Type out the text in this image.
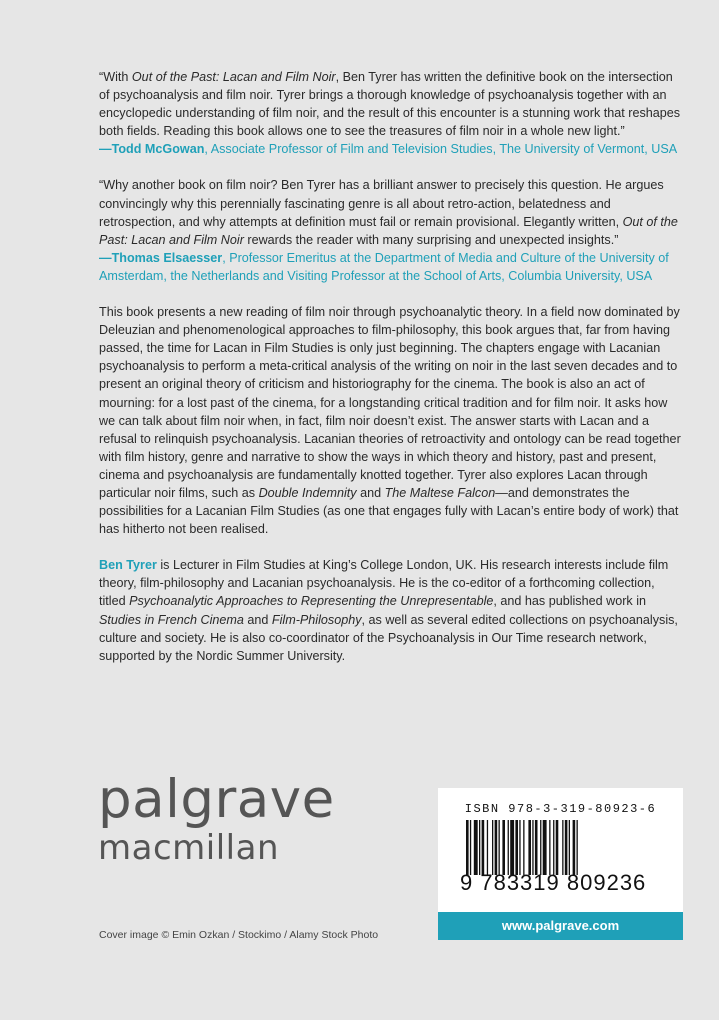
“With Out of the Past: Lacan and Film Noir, Ben Tyrer has written the definitive book on the intersection of psychoanalysis and film noir. Tyrer brings a thorough knowledge of psychoanalysis together with an encyclopedic understanding of film noir, and the result of this encounter is a stunning work that reshapes both fields. Reading this book allows one to see the treasures of film noir in a whole new light.”
—Todd McGowan, Associate Professor of Film and Television Studies, The University of Vermont, USA

“Why another book on film noir? Ben Tyrer has a brilliant answer to precisely this question. He argues convincingly why this perennially fascinating genre is all about retro-action, belatedness and retrospection, and why attempts at definition must fail or remain provisional. Elegantly written, Out of the Past: Lacan and Film Noir rewards the reader with many surprising and unexpected insights.”
—Thomas Elsaesser, Professor Emeritus at the Department of Media and Culture of the University of Amsterdam, the Netherlands and Visiting Professor at the School of Arts, Columbia University, USA

This book presents a new reading of film noir through psychoanalytic theory. In a field now dominated by Deleuzian and phenomenological approaches to film-philosophy, this book argues that, far from having passed, the time for Lacan in Film Studies is only just beginning. The chapters engage with Lacanian psychoanalysis to perform a meta-critical analysis of the writing on noir in the last seven decades and to present an original theory of criticism and historiography for the cinema. The book is also an act of mourning: for a lost past of the cinema, for a longstanding critical tradition and for film noir. It asks how we can talk about film noir when, in fact, film noir doesn’t exist. The answer starts with Lacan and a refusal to relinquish psychoanalysis. Lacanian theories of retroactivity and ontology can be read together with film history, genre and narrative to show the ways in which theory and history, past and present, cinema and psychoanalysis are fundamentally knotted together. Tyrer also explores Lacan through particular noir films, such as Double Indemnity and The Maltese Falcon—and demonstrates the possibilities for a Lacanian Film Studies (as one that engages fully with Lacan’s entire body of work) that has hitherto not been realised.

Ben Tyrer is Lecturer in Film Studies at King’s College London, UK. His research interests include film theory, film-philosophy and Lacanian psychoanalysis. He is the co-editor of a forthcoming collection, titled Psychoanalytic Approaches to Representing the Unrepresentable, and has published work in Studies in French Cinema and Film-Philosophy, as well as several edited collections on psychoanalysis, culture and society. He is also co-coordinator of the Psychoanalysis in Our Time research network, supported by the Nordic Summer University.

palgrave
macmillan
Cover image © Emin Ozkan / Stockimo / Alamy Stock Photo
ISBN 978-3-319-80923-6
9 783319 809236
www.palgrave.com
